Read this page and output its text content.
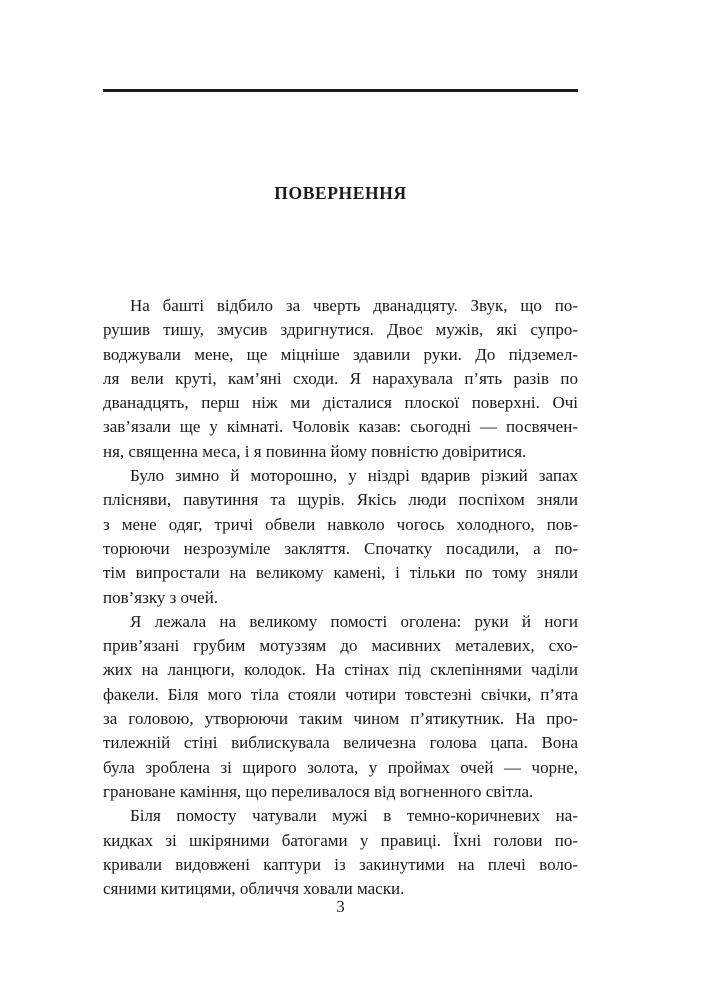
ПОВЕРНЕННЯ

На башті відбило за чверть дванадцяту. Звук, що по-
рушив тишу, змусив здригнутися. Двоє мужів, які супро-
воджували мене, ще міцніше здавили руки. До підземел-
ля вели круті, кам’яні сходи. Я нарахувала п’ять разів по
дванадцять, перш ніж ми дісталися плоскої поверхні. Очі
зав’язали ще у кімнаті. Чоловік казав: сьогодні — посвячен-
ня, священна меса, і я повинна йому повністю довіритися.

Було зимно й моторошно, у ніздрі вдарив різкий запах
плісняви, павутиння та щурів. Якісь люди поспіхом зняли
з мене одяг, тричі обвели навколо чогось холодного, пов-
торюючи незрозуміле закляття. Спочатку посадили, а по-
тім випростали на великому камені, і тільки по тому зняли
пов’язку з очей.

Я лежала на великому помості оголена: руки й ноги
прив’язані грубим мотуззям до масивних металевих, схо-
жих на ланцюги, колодок. На стінах під склепіннями чаділи
факели. Біля мого тіла стояли чотири товстезні свічки, п’ята
за головою, утворюючи таким чином п’ятикутник. На про-
тилежній стіні виблискувала величезна голова цапа. Вона
була зроблена зі щирого золота, у проймах очей — чорне,
грановане каміння, що переливалося від вогненного світла.

Біля помосту чатували мужі в темно-коричневих на-
кидках зі шкіряними батогами у правиці. Їхні голови по-
кривали видовжені каптури із закинутими на плечі воло-
сяними китицями, обличчя ховали маски.

3
